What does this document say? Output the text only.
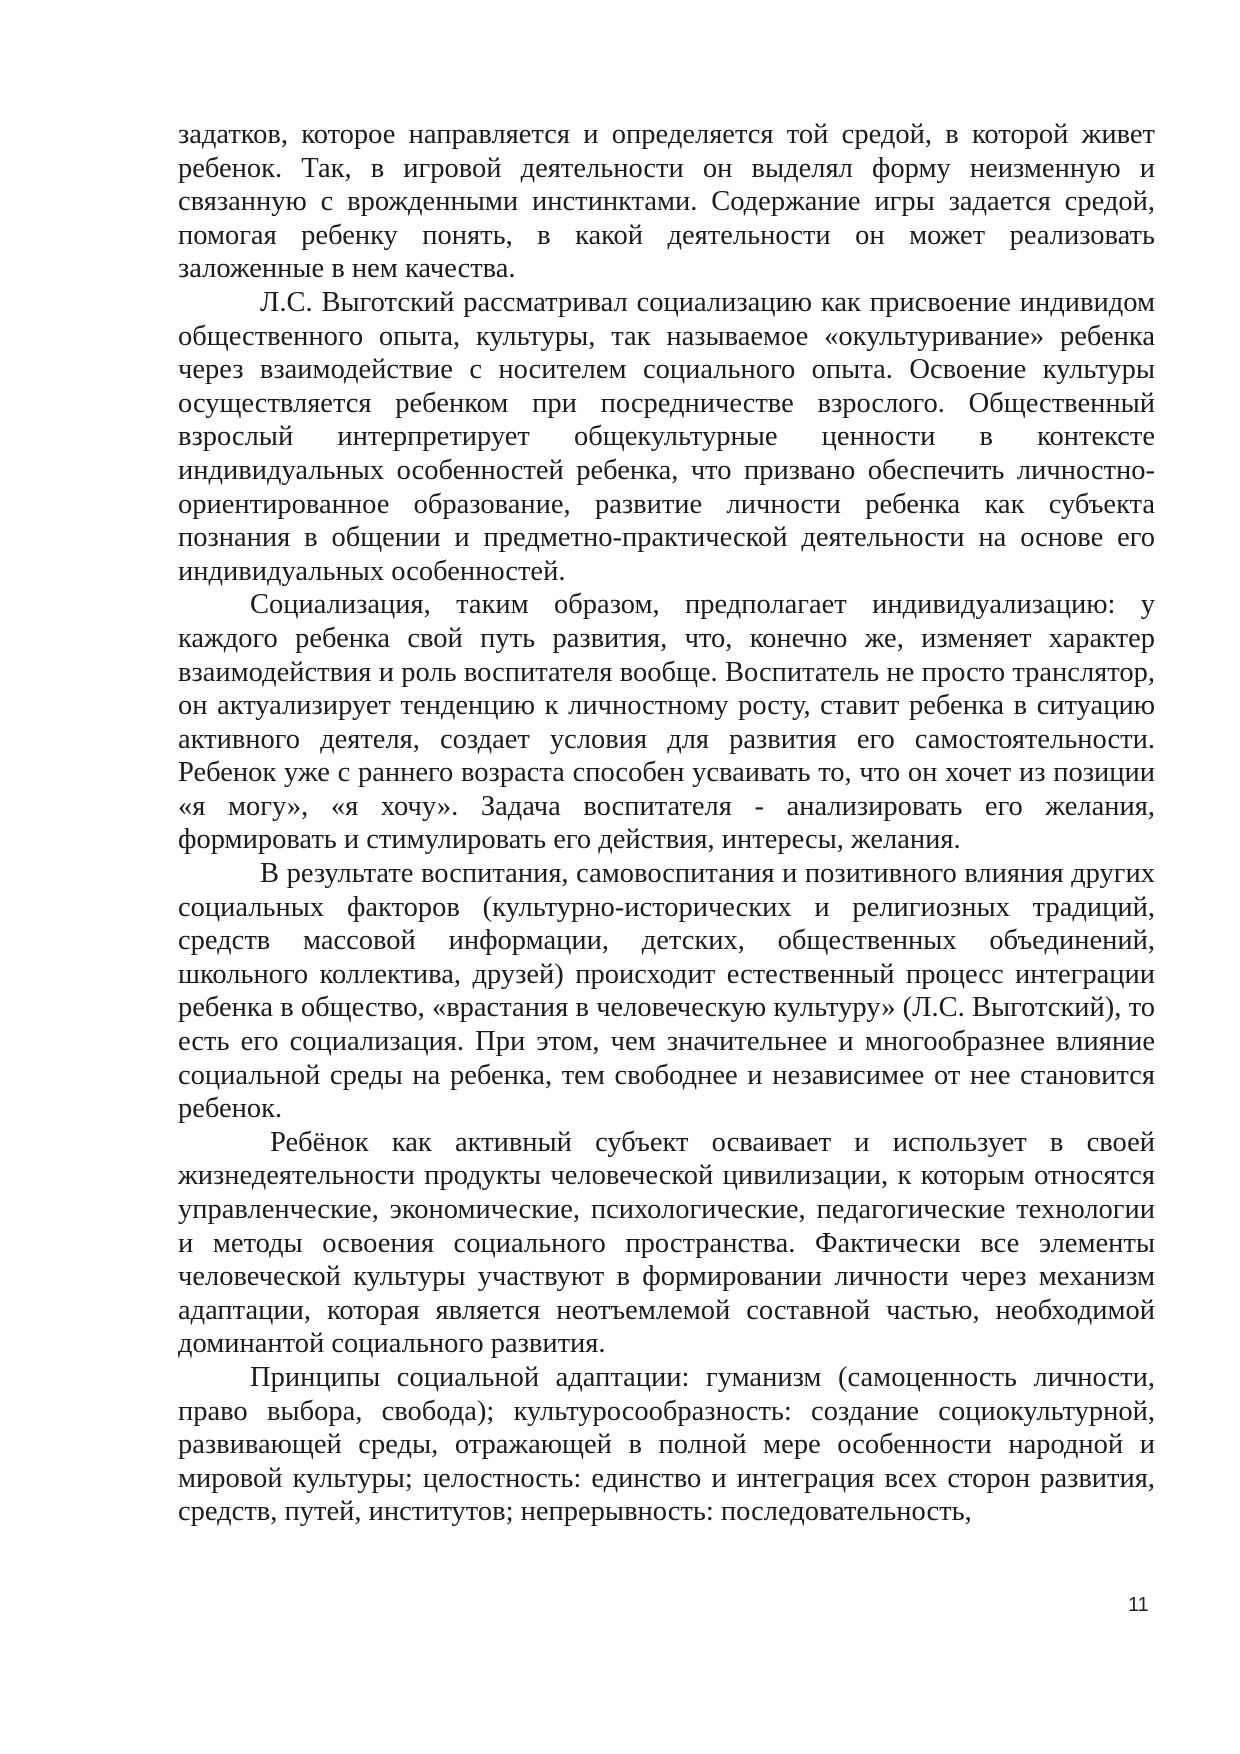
задатков, которое направляется и определяется той средой, в которой живет ребенок. Так, в игровой деятельности он выделял форму неизменную и связанную с врожденными инстинктами. Содержание игры задается средой, помогая ребенку понять, в какой деятельности он может реализовать заложенные в нем качества.

Л.С. Выготский рассматривал социализацию как присвоение индивидом общественного опыта, культуры, так называемое «окультуривание» ребенка через взаимодействие с носителем социального опыта. Освоение культуры осуществляется ребенком при посредничестве взрослого. Общественный взрослый интерпретирует общекультурные ценности в контексте индивидуальных особенностей ребенка, что призвано обеспечить личностно-ориентированное образование, развитие личности ребенка как субъекта познания в общении и предметно-практической деятельности на основе его индивидуальных особенностей.

Социализация, таким образом, предполагает индивидуализацию: у каждого ребенка свой путь развития, что, конечно же, изменяет характер взаимодействия и роль воспитателя вообще. Воспитатель не просто транслятор, он актуализирует тенденцию к личностному росту, ставит ребенка в ситуацию активного деятеля, создает условия для развития его самостоятельности. Ребенок уже с раннего возраста способен усваивать то, что он хочет из позиции «я могу», «я хочу». Задача воспитателя - анализировать его желания, формировать и стимулировать его действия, интересы, желания.

В результате воспитания, самовоспитания и позитивного влияния других социальных факторов (культурно-исторических и религиозных традиций, средств массовой информации, детских, общественных объединений, школьного коллектива, друзей) происходит естественный процесс интеграции ребенка в общество, «врастания в человеческую культуру» (Л.С. Выготский), то есть его социализация. При этом, чем значительнее и многообразнее влияние социальной среды на ребенка, тем свободнее и независимее от нее становится ребенок.

Ребёнок как активный субъект осваивает и использует в своей жизнедеятельности продукты человеческой цивилизации, к которым относятся управленческие, экономические, психологические, педагогические технологии и методы освоения социального пространства. Фактически все элементы человеческой культуры участвуют в формировании личности через механизм адаптации, которая является неотъемлемой составной частью, необходимой доминантой социального развития.

Принципы социальной адаптации: гуманизм (самоценность личности, право выбора, свобода); культуросообразность: создание социокультурной, развивающей среды, отражающей в полной мере особенности народной и мировой культуры; целостность: единство и интеграция всех сторон развития, средств, путей, институтов; непрерывность: последовательность,

11
